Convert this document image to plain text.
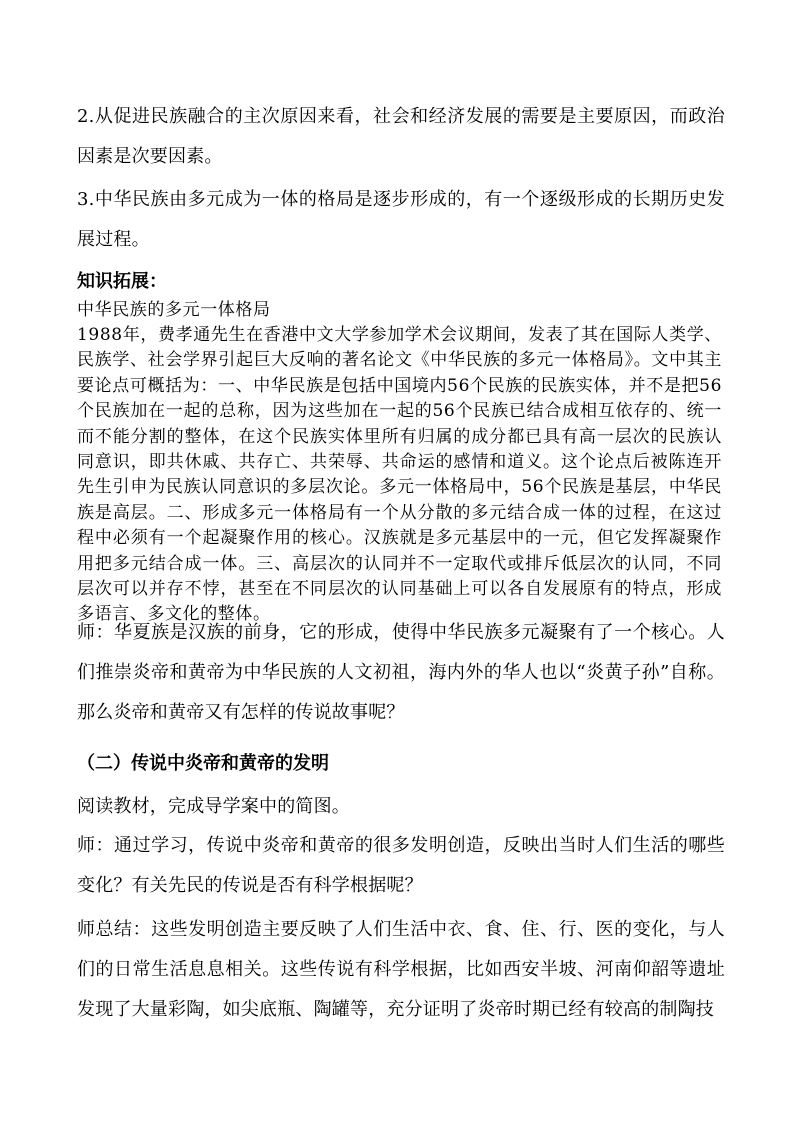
2.从促进民族融合的主次原因来看，社会和经济发展的需要是主要原因，而政治因素是次要因素。
3.中华民族由多元成为一体的格局是逐步形成的，有一个逐级形成的长期历史发展过程。
知识拓展：
中华民族的多元一体格局
1988年，费孝通先生在香港中文大学参加学术会议期间，发表了其在国际人类学、民族学、社会学界引起巨大反响的著名论文《中华民族的多元一体格局》。文中其主要论点可概括为：一、中华民族是包括中国境内56个民族的民族实体，并不是把56个民族加在一起的总称，因为这些加在一起的56个民族已结合成相互依存的、统一而不能分割的整体，在这个民族实体里所有归属的成分都已具有高一层次的民族认同意识，即共休戚、共存亡、共荣辱、共命运的感情和道义。这个论点后被陈连开先生引申为民族认同意识的多层次论。多元一体格局中，56个民族是基层，中华民族是高层。二、形成多元一体格局有一个从分散的多元结合成一体的过程，在这过程中必须有一个起凝聚作用的核心。汉族就是多元基层中的一元，但它发挥凝聚作用把多元结合成一体。三、高层次的认同并不一定取代或排斥低层次的认同，不同层次可以并存不悖，甚至在不同层次的认同基础上可以各自发展原有的特点，形成多语言、多文化的整体。
师：华夏族是汉族的前身，它的形成，使得中华民族多元凝聚有了一个核心。人们推崇炎帝和黄帝为中华民族的人文初祖，海内外的华人也以“炎黄子孙”自称。那么炎帝和黄帝又有怎样的传说故事呢？
（二）传说中炎帝和黄帝的发明
阅读教材，完成导学案中的简图。
师：通过学习，传说中炎帝和黄帝的很多发明创造，反映出当时人们生活的哪些变化？有关先民的传说是否有科学根据呢？
师总结：这些发明创造主要反映了人们生活中衣、食、住、行、医的变化，与人们的日常生活息息相关。这些传说有科学根据，比如西安半坡、河南仰韶等遗址发现了大量彩陶，如尖底瓶、陶罐等，充分证明了炎帝时期已经有较高的制陶技
